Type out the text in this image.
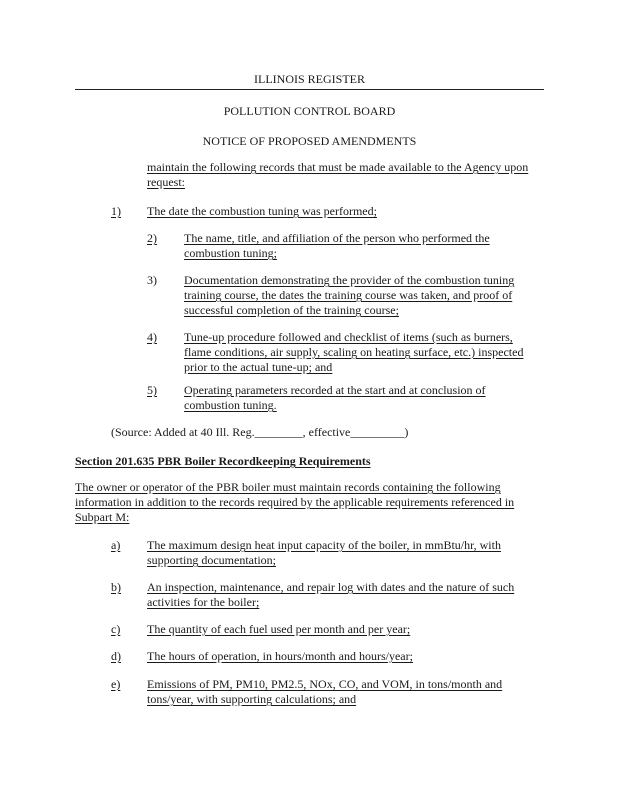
ILLINOIS REGISTER
POLLUTION CONTROL BOARD
NOTICE OF PROPOSED AMENDMENTS
maintain the following records that must be made available to the Agency upon request:
1) The date the combustion tuning was performed;
2) The name, title, and affiliation of the person who performed the combustion tuning;
3) Documentation demonstrating the provider of the combustion tuning training course, the dates the training course was taken, and proof of successful completion of the training course;
4) Tune-up procedure followed and checklist of items (such as burners, flame conditions, air supply, scaling on heating surface, etc.) inspected prior to the actual tune-up; and
5) Operating parameters recorded at the start and at conclusion of combustion tuning.
(Source: Added at 40 Ill. Reg.________, effective_________)
Section 201.635 PBR Boiler Recordkeeping Requirements
The owner or operator of the PBR boiler must maintain records containing the following information in addition to the records required by the applicable requirements referenced in Subpart M:
a) The maximum design heat input capacity of the boiler, in mmBtu/hr, with supporting documentation;
b) An inspection, maintenance, and repair log with dates and the nature of such activities for the boiler;
c) The quantity of each fuel used per month and per year;
d) The hours of operation, in hours/month and hours/year;
e) Emissions of PM, PM10, PM2.5, NOx, CO, and VOM, in tons/month and tons/year, with supporting calculations; and
